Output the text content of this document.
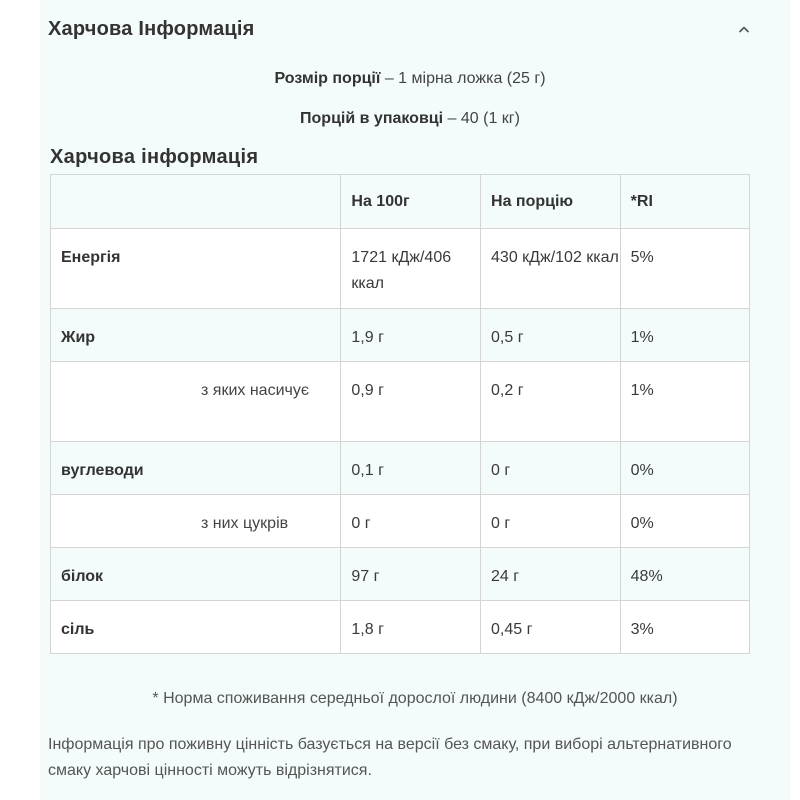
Харчова Інформація
Розмір порції – 1 мірна ложка (25 г)
Порцій в упаковці – 40 (1 кг)
Харчова інформація

	На 100г	На порцію	*RI

Енергія	1721 кДж/406 ккал	430 кДж/102 ккал	5%

Жир	1,9 г	0,5 г	1%

з яких насичує	0,9 г	0,2 г	1%

вуглеводи	0,1 г	0 г	0%

з них цукрів	0 г	0 г	0%

білок	97 г	24 г	48%

сіль	1,8 г	0,45 г	3%
* Норма споживання середньої дорослої людини (8400 кДж/2000 ккал)
Інформація про поживну цінність базується на версії без смаку, при виборі альтернативного смаку харчові цінності можуть відрізнятися.
